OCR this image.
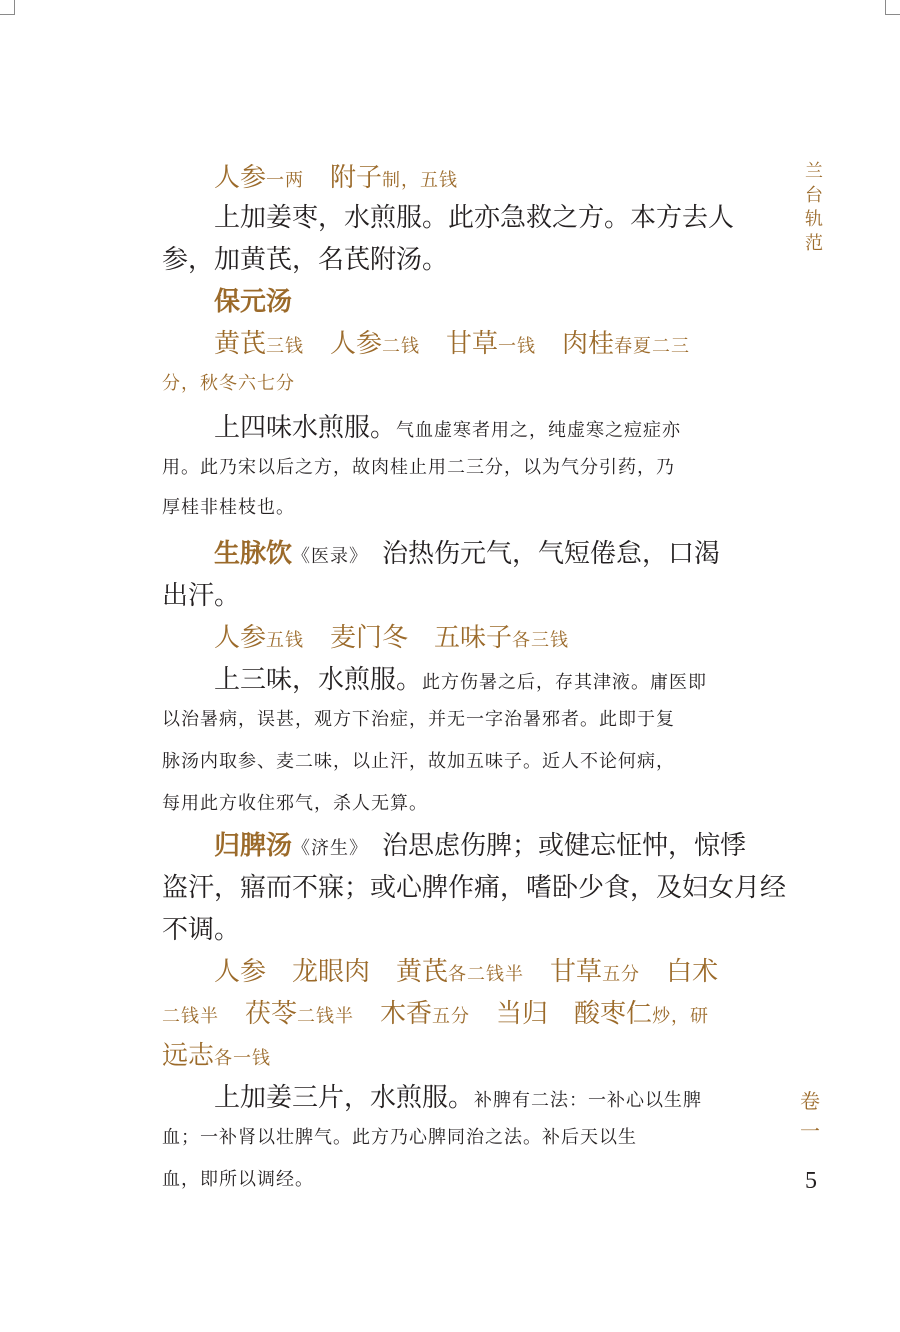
人参一两 附子制，五钱
上加姜枣，水煎服。此亦急救之方。本方去人
参，加黄芪，名芪附汤。
保元汤
黄芪三钱 人参二钱 甘草一钱 肉桂春夏二三
分，秋冬六七分
上四味水煎服。气血虚寒者用之，纯虚寒之痘症亦
用。此乃宋以后之方，故肉桂止用二三分，以为气分引药，乃
厚桂非桂枝也。
生脉饮《医录》 治热伤元气，气短倦怠，口渴
出汗。
人参五钱 麦门冬 五味子各三钱
上三味，水煎服。此方伤暑之后，存其津液。庸医即
以治暑病，误甚，观方下治症，并无一字治暑邪者。此即于复
脉汤内取参、麦二味，以止汗，故加五味子。近人不论何病，
每用此方收住邪气，杀人无算。
归脾汤《济生》 治思虑伤脾；或健忘怔忡，惊悸
盗汗，寤而不寐；或心脾作痛，嗜卧少食，及妇女月经
不调。
人参 龙眼肉 黄芪各二钱半 甘草五分 白术
二钱半 茯苓二钱半 木香五分 当归 酸枣仁炒，研
远志各一钱
上加姜三片，水煎服。补脾有二法：一补心以生脾
血；一补肾以壮脾气。此方乃心脾同治之法。补后天以生
血，即所以调经。
兰
台
轨
范
卷
一
5
